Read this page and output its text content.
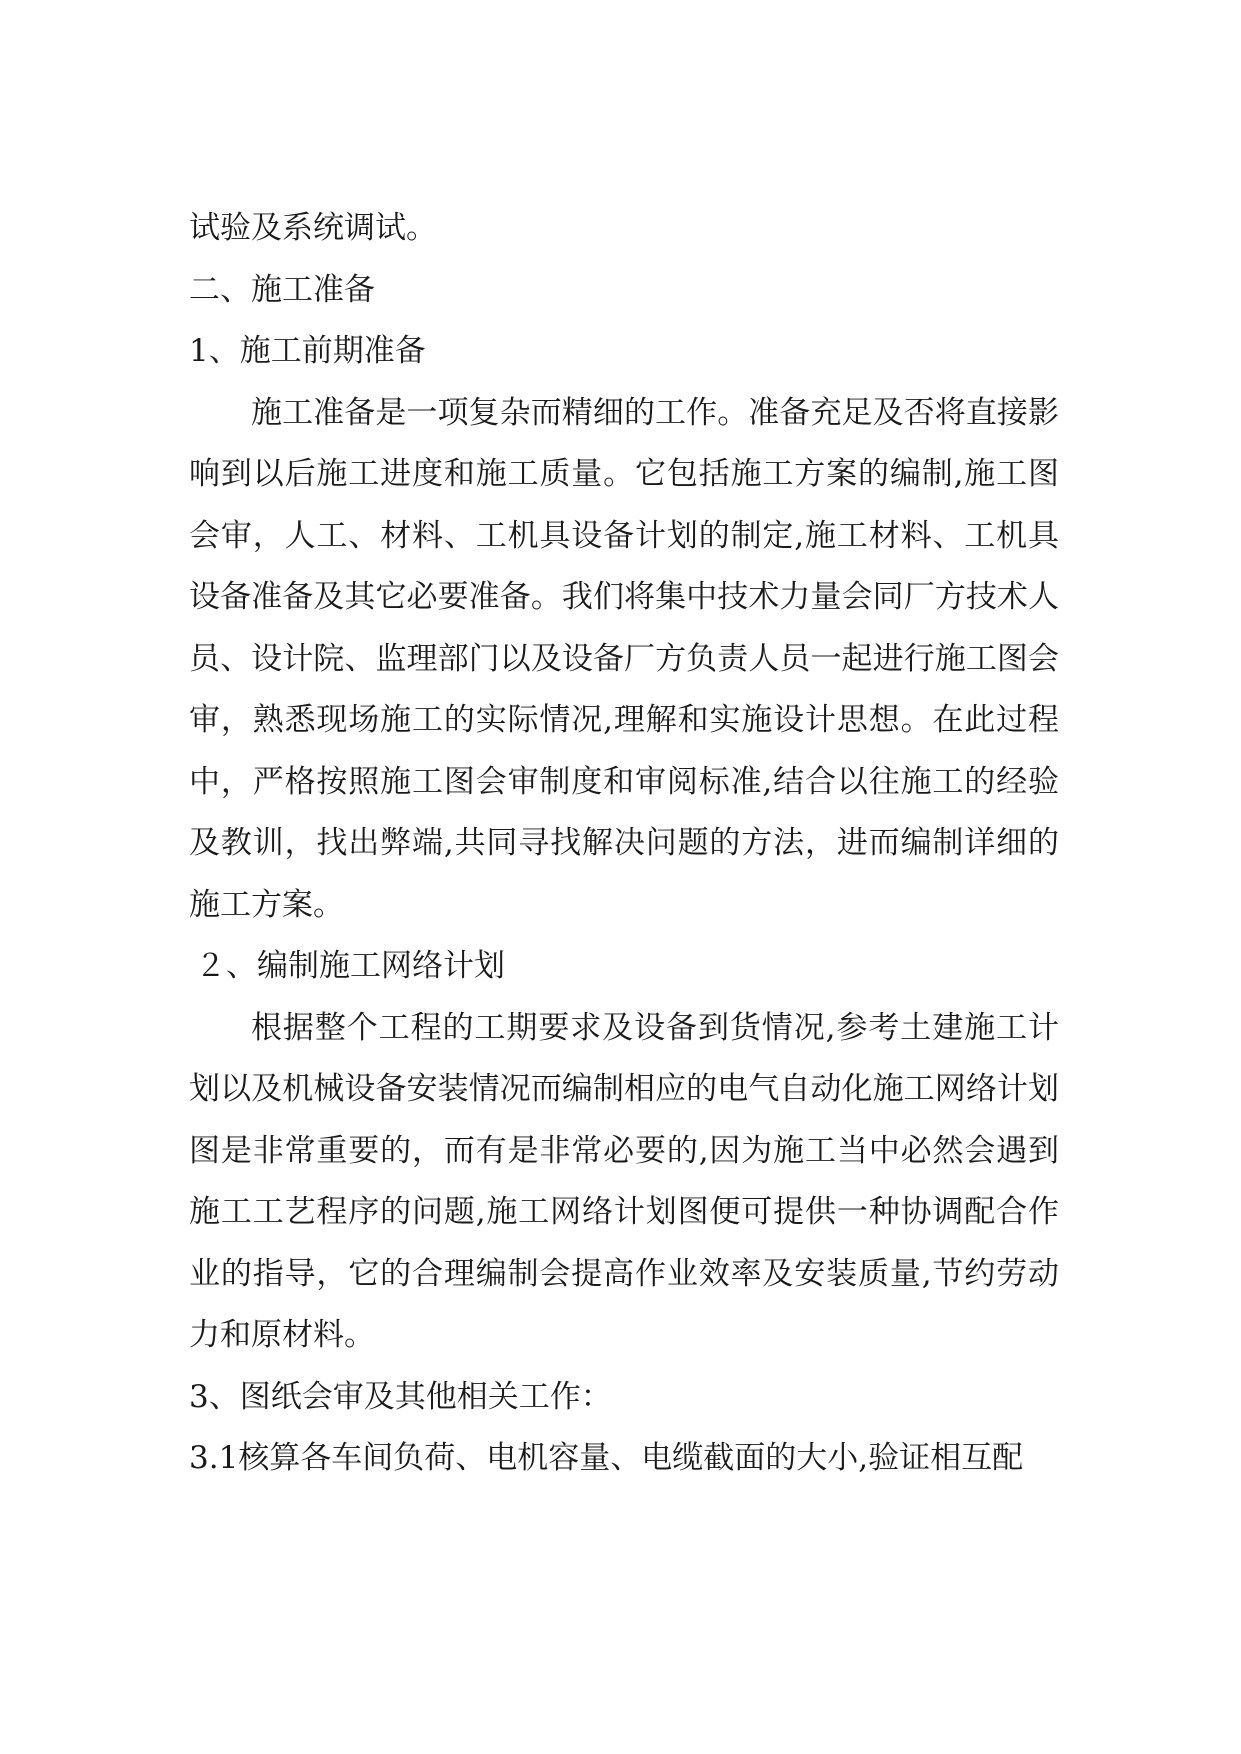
试验及系统调试。

二、施工准备

1、施工前期准备

施工准备是一项复杂而精细的工作。准备充足及否将直接影响到以后施工进度和施工质量。它包括施工方案的编制,施工图会审，人工、材料、工机具设备计划的制定,施工材料、工机具设备准备及其它必要准备。我们将集中技术力量会同厂方技术人员、设计院、监理部门以及设备厂方负责人员一起进行施工图会审，熟悉现场施工的实际情况,理解和实施设计思想。在此过程中，严格按照施工图会审制度和审阅标准,结合以往施工的经验及教训，找出弊端,共同寻找解决问题的方法，进而编制详细的施工方案。

２、编制施工网络计划

根据整个工程的工期要求及设备到货情况,参考土建施工计划以及机械设备安装情况而编制相应的电气自动化施工网络计划图是非常重要的，而有是非常必要的,因为施工当中必然会遇到施工工艺程序的问题,施工网络计划图便可提供一种协调配合作业的指导，它的合理编制会提高作业效率及安装质量,节约劳动力和原材料。

3、图纸会审及其他相关工作：

3.1核算各车间负荷、电机容量、电缆截面的大小,验证相互配
